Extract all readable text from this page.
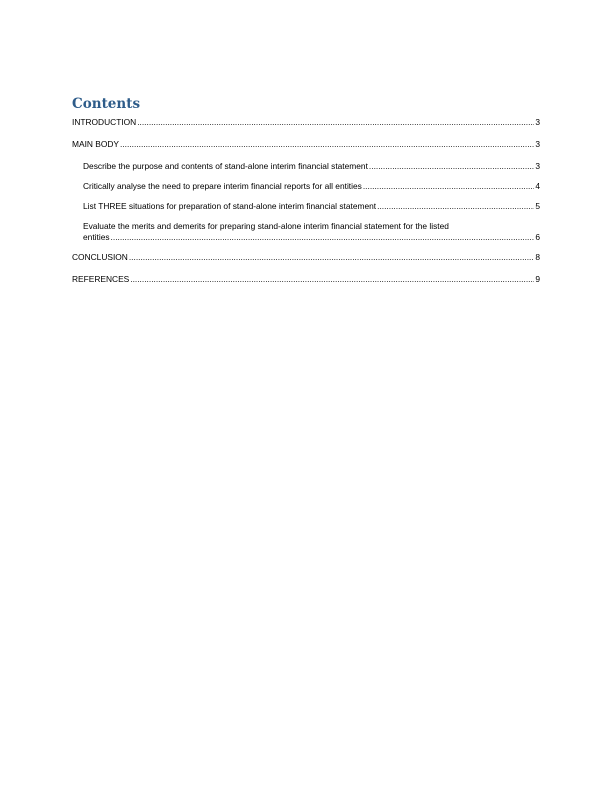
Contents
INTRODUCTION .....	3
MAIN BODY .....	3
Describe the purpose and contents of stand-alone interim financial statement .....	3
Critically analyse the need to prepare interim financial reports for all entities .....	4
List THREE situations for preparation of stand-alone interim financial statement .....	5
Evaluate the merits and demerits for preparing stand-alone interim financial statement for the listed
entities .....	6
CONCLUSION .....	8
REFERENCES .....	9
